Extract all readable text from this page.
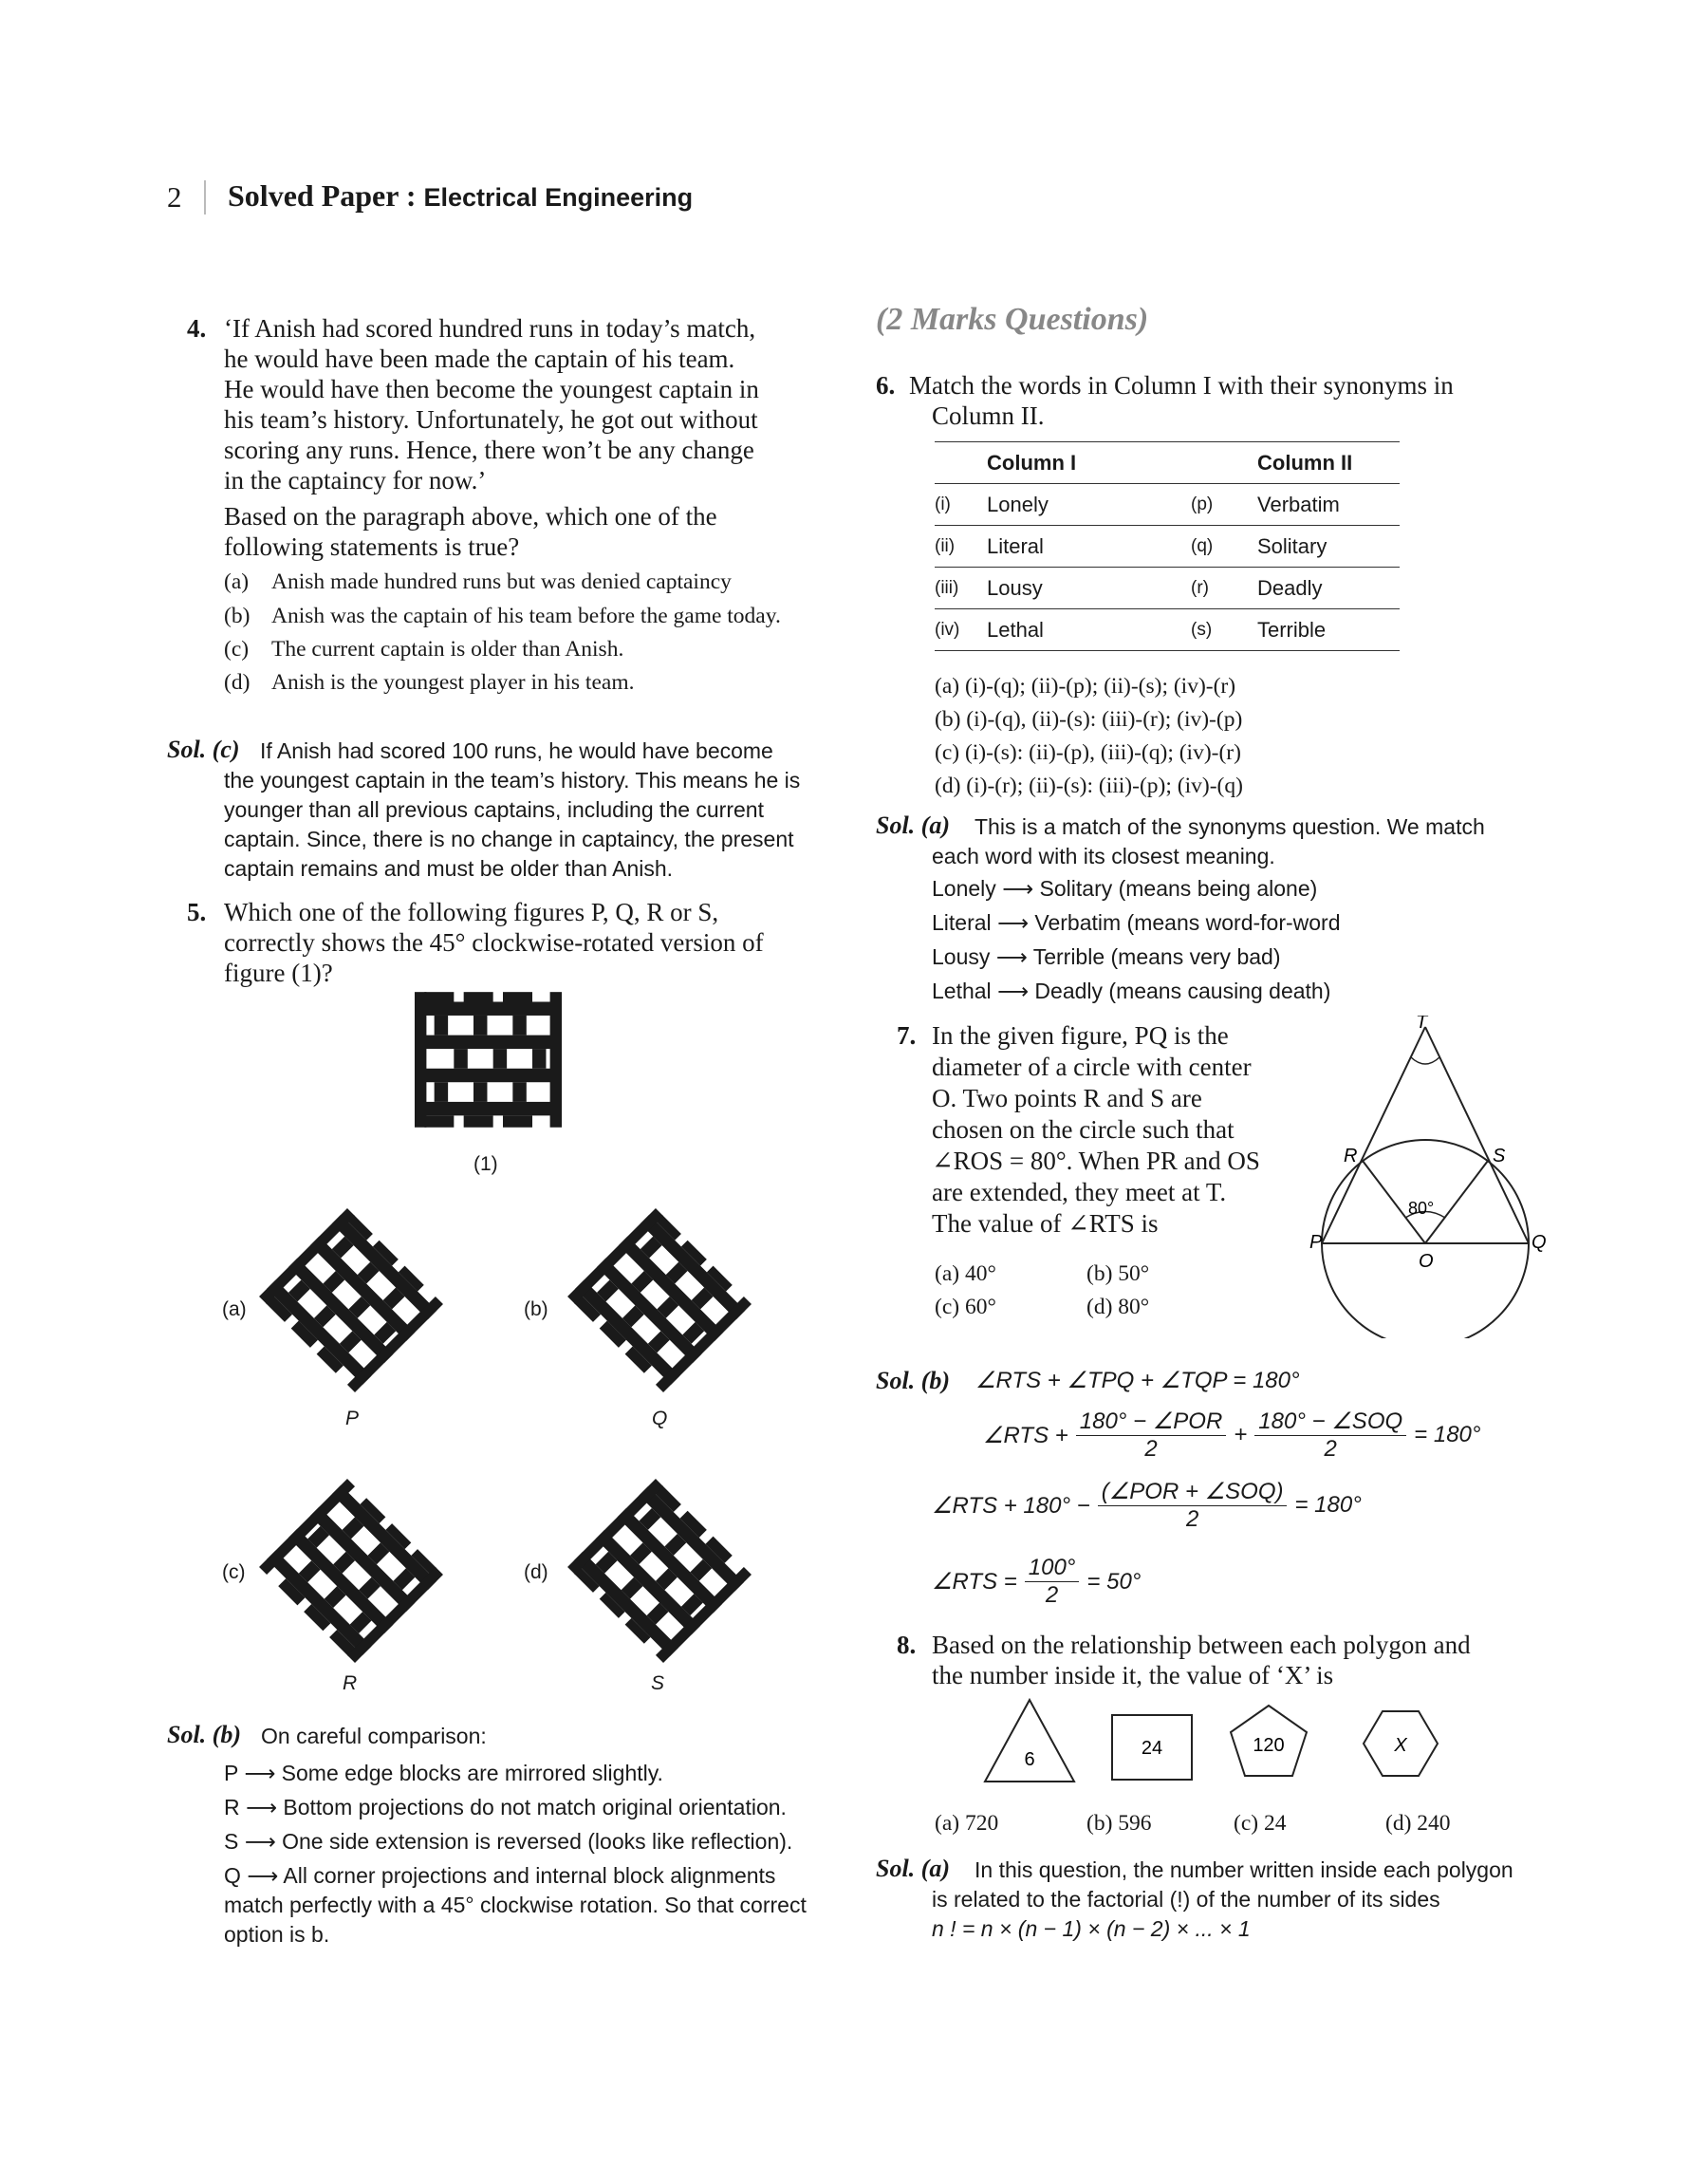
2 Solved Paper : Electrical Engineering
4. ‘If Anish had scored hundred runs in today’s match,
he would have been made the captain of his team.
He would have then become the youngest captain in
his team’s history. Unfortunately, he got out without
scoring any runs. Hence, there won’t be any change
in the captaincy for now.’
Based on the paragraph above, which one of the
following statements is true?
(a)	Anish made hundred runs but was denied captaincy
(b) Anish was the captain of his team before the game today.
(c)	The current captain is older than Anish.
(d) Anish is the youngest player in his team.
Sol. (c) If Anish had scored 100 runs, he would have become
the youngest captain in the team’s history. This means he is
younger than all previous captains, including the current
captain. Since, there is no change in captaincy, the present
captain remains and must be older than Anish.
5. Which one of the following figures P, Q, R or S,
correctly shows the 45° clockwise-rotated version of
figure (1)?
(1)
(a)
P
(b)
Q
(c)
R
(d)
S
Sol. (b) On careful comparison:
P ⟶ Some edge blocks are mirrored slightly.
R ⟶ Bottom projections do not match original orientation.
S ⟶ One side extension is reversed (looks like reflection).
Q ⟶ All corner projections and internal block alignments
match perfectly with a 45° clockwise rotation. So that correct
option is b.
(2 Marks Questions)
6. Match the words in Column I with their synonyms in
Column II.
	Column I		Column II
(i)	Lonely	(p)	Verbatim
(ii)	Literal	(q)	Solitary
(iii)	Lousy	(r)	Deadly
(iv)	Lethal	(s)	Terrible
(a) (i)-(q); (ii)-(p); (ii)-(s); (iv)-(r)
(b) (i)-(q), (ii)-(s): (iii)-(r); (iv)-(p)
(c) (i)-(s): (ii)-(p), (iii)-(q); (iv)-(r)
(d) (i)-(r); (ii)-(s): (iii)-(p); (iv)-(q)
Sol. (a) This is a match of the synonyms question. We match
each word with its closest meaning.
Lonely ⟶ Solitary (means being alone)
Literal ⟶ Verbatim (means word-for-word
Lousy ⟶ Terrible (means very bad)
Lethal ⟶ Deadly (means causing death)
7. In the given figure, PQ is the
diameter of a circle with center
O. Two points R and S are
chosen on the circle such that
∠ROS = 80°. When PR and OS
are extended, they meet at T.
The value of ∠RTS is
(a) 40°	(b) 50°
(c) 60°	(d) 80°
T
R	S
P	Q
O
80°
Sol. (b) ∠RTS + ∠TPQ + ∠TQP = 180°
∠RTS + $\frac{\text{180° − ∠POR}}{2} + \frac{\text{180° − ∠SOQ}}{2} = 180^\circ$
∠RTS + $180^\circ - \frac{\text{(∠POR + ∠SOQ)}}{2} = 180^\circ$
∠RTS = $\frac{100^\circ}{2} = 50^\circ$
8. Based on the relationship between each polygon and
the number inside it, the value of ‘X’ is
6
24	120	X
(a) 720	(b) 596	(c) 24	(d) 240
Sol. (a) In this question, the number written inside each polygon
is related to the factorial (!) of the number of its sides
n ! = n × (n − 1) × (n − 2) × ... × 1
